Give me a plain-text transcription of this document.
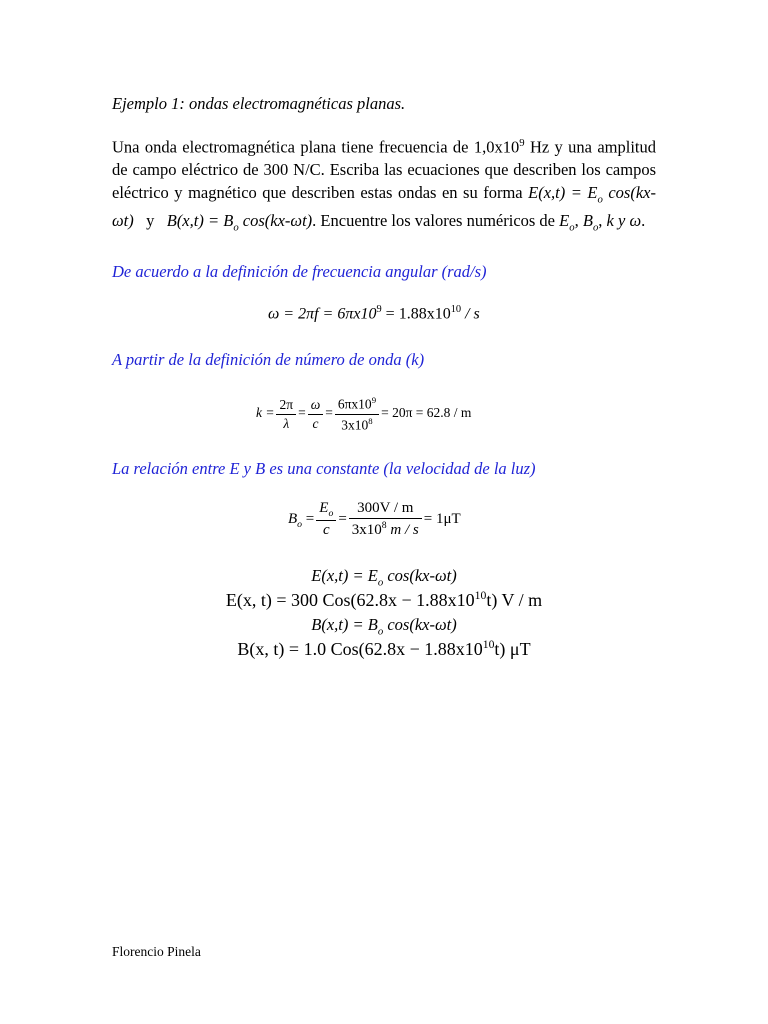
Ejemplo 1: ondas electromagnéticas planas.
Una onda electromagnética plana tiene frecuencia de $1,0x10^9$ Hz y una amplitud de campo eléctrico de 300 N/C. Escriba las ecuaciones que describen los campos eléctrico y magnético que describen estas ondas en su forma $E(x,t) = E_o$ cos(kx-ωt) y $B(x,t) = B_o$ cos(kx-ωt). Encuentre los valores numéricos de $E_o$, $B_o$, k y ω.
De acuerdo a la definición de frecuencia angular (rad/s)
$\omega = 2\pi f = 6\pi x10^9 = 1.88x10^{10} / s$
A partir de la definición de número de onda (k)
$k = \frac{2\pi}{\lambda} = \frac{\omega}{c} = \frac{6\pi x10^9}{3x10^8} = 20\pi = 62.8 / m$
La relación entre E y B es una constante (la velocidad de la luz)
$B_o = \frac{E_o}{c} = \frac{300V / m}{3x10^8 m / s} = 1\mu T$
$E(x,t) = E_o$ cos(kx-ωt)
E(x, t) = 300 $Cos(62.8x - 1.88x10^{10}t)$ V / m
$B(x,t) = B_o$ cos(kx-ωt)
B(x, t) = 1.0 $Cos(62.8x - 1.88x10^{10}t)$ μT
Florencio Pinela
